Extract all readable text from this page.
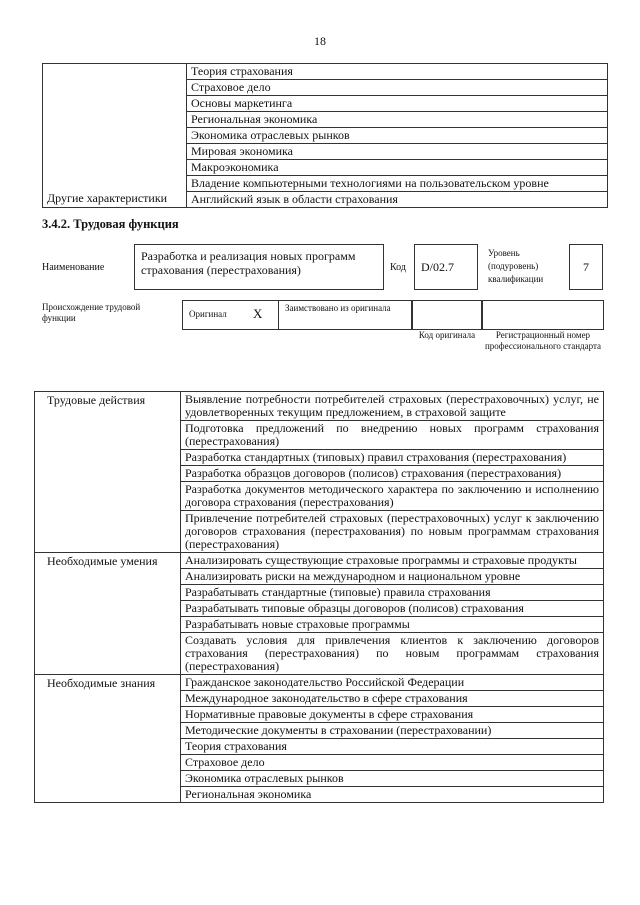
18
Другие характеристики	Теория страхования
Страховое дело
Основы маркетинга
Региональная экономика
Экономика отраслевых рынков
Мировая экономика
Макроэкономика
Владение компьютерными технологиями на пользовательском уровне
Английский язык в области страхования
3.4.2. Трудовая функция
Наименование
Разработка и реализация новых программ страхования (перестрахования)	Код	D/02.7
Уровень (подуровень) квалификации
7
Происхождение трудовой функции	Оригинал X	Заимствовано из оригинала
Код оригинала	Регистрационный номер профессионального стандарта
Трудовые действия	Выявление потребности потребителей страховых (перестраховочных) услуг, не удовлетворенных текущим предложением, в страховой защите
	Подготовка предложений по внедрению новых программ страхования (перестрахования)
	Разработка стандартных (типовых) правил страхования (перестрахования)
	Разработка образцов договоров (полисов) страхования (перестрахования)
	Разработка документов методического характера по заключению и исполнению договора страхования (перестрахования)
	Привлечение потребителей страховых (перестраховочных) услуг к заключению договоров страхования (перестрахования) по новым программам страхования (перестрахования)
Необходимые умения	Анализировать существующие страховые программы и страховые продукты
	Анализировать риски на международном и национальном уровне
	Разрабатывать стандартные (типовые) правила страхования
	Разрабатывать типовые образцы договоров (полисов) страхования
	Разрабатывать новые страховые программы
	Создавать условия для привлечения клиентов к заключению договоров страхования (перестрахования) по новым программам страхования (перестрахования)
Необходимые знания	Гражданское законодательство Российской Федерации
	Международное законодательство в сфере страхования
	Нормативные правовые документы в сфере страхования
	Методические документы в страховании (перестраховании)
	Теория страхования
	Страховое дело
	Экономика отраслевых рынков
	Региональная экономика
